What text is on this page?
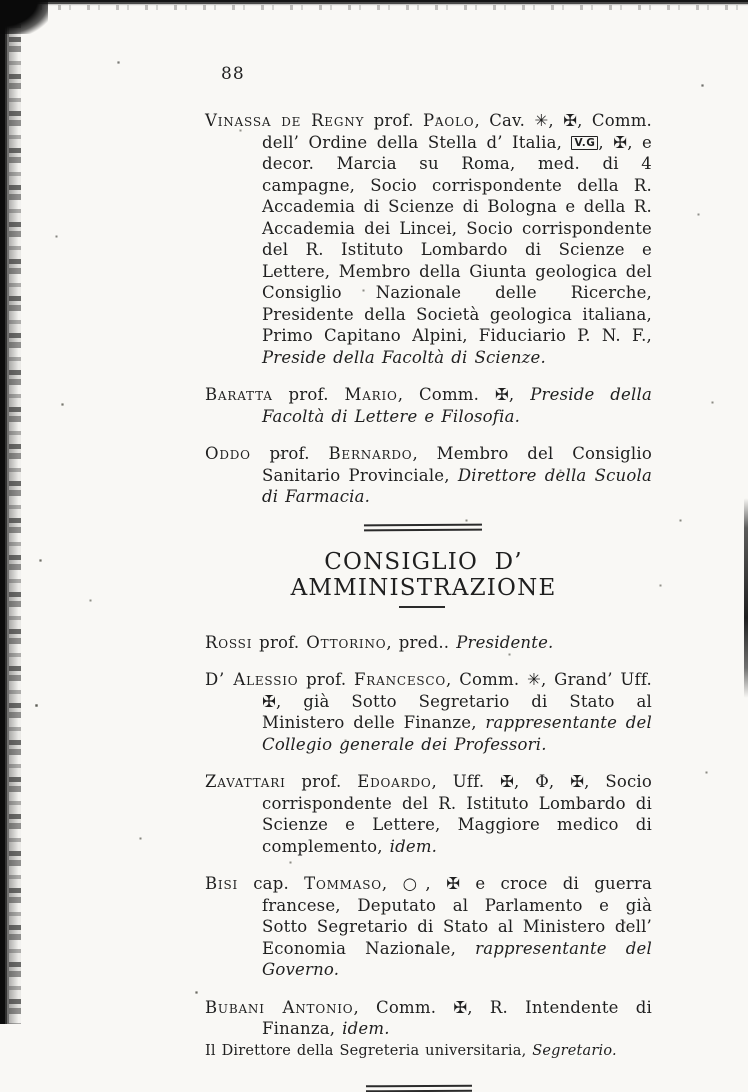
88

Vinassa de Regny prof. Paolo, Cav. ✳, ✠, Comm. dell’ Ordine della Stella d’ Italia, V.G , ✠, e decor. Marcia su Roma, med. di 4 campagne, Socio corrispondente della R. Accademia di Scienze di Bologna e della R. Accademia dei Lincei, Socio corrispondente del R. Istituto Lombardo di Scienze e Lettere, Membro della Giunta geologica del Consiglio Nazionale delle Ricerche, Presidente della Società geologica italiana, Primo Capitano Alpini, Fiduciario P. N. F., Preside della Facoltà di Scienze.

Baratta prof. Mario, Comm. ✠, Preside della Facoltà di Lettere e Filosofia.

Oddo prof. Bernardo, Membro del Consiglio Sanitario Provinciale, Direttore della Scuola di Farmacia.

CONSIGLIO D’ AMMINISTRAZIONE

Rossi prof. Ottorino, pred.. Presidente.

D’ Alessio prof. Francesco, Comm. ✳, Grand’ Uff. ✠, già Sotto Segretario di Stato al Ministero delle Finanze, rappresentante del Collegio generale dei Professori.

Zavattari prof. Edoardo, Uff. ✠, Φ, ✠, Socio corrispondente del R. Istituto Lombardo di Scienze e Lettere, Maggiore medico di complemento, idem.

Bisi cap. Tommaso, ○, ✠ e croce di guerra francese, Deputato al Parlamento e già Sotto Segretario di Stato al Ministero dell’ Economia Nazionale, rappresentante del Governo.

Bubani Antonio, Comm. ✠, R. Intendente di Finanza, idem.

Il Direttore della Segreteria universitaria, Segretario.
